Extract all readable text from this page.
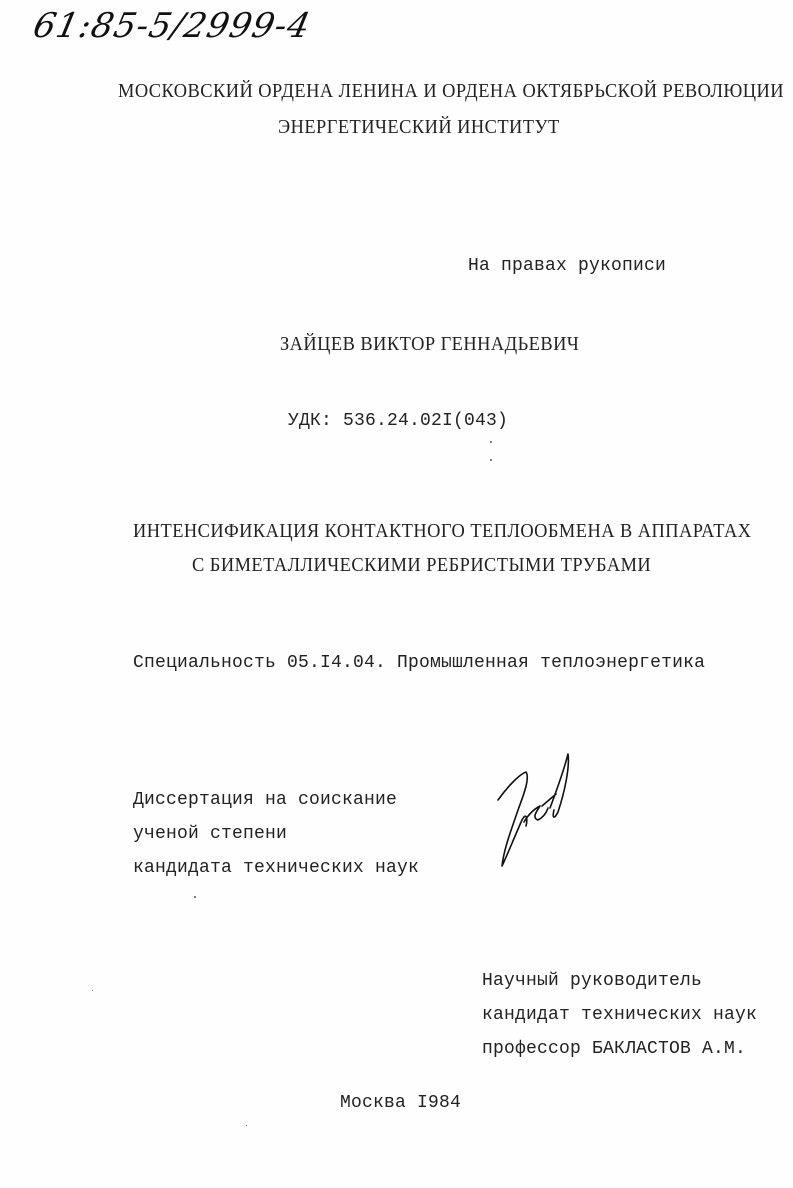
61:85-5/2999-4
МОСКОВСКИЙ ОРДЕНА ЛЕНИНА И ОРДЕНА ОКТЯБРЬСКОЙ РЕВОЛЮЦИИ
ЭНЕРГЕТИЧЕСКИЙ ИНСТИТУТ
На правах рукописи
ЗАЙЦЕВ ВИКТОР ГЕННАДЬЕВИЧ
УДК: 536.24.02I(043)
ИНТЕНСИФИКАЦИЯ КОНТАКТНОГО ТЕПЛООБМЕНА В АППАРАТАХ
С БИМЕТАЛЛИЧЕСКИМИ РЕБРИСТЫМИ ТРУБАМИ
Специальность 05.I4.04. Промышленная теплоэнергетика
Диссертация на соискание
ученой степени
кандидата технических наук
Научный руководитель
кандидат технических наук
профессор БАКЛАСТОВ А.М.
Москва I984
